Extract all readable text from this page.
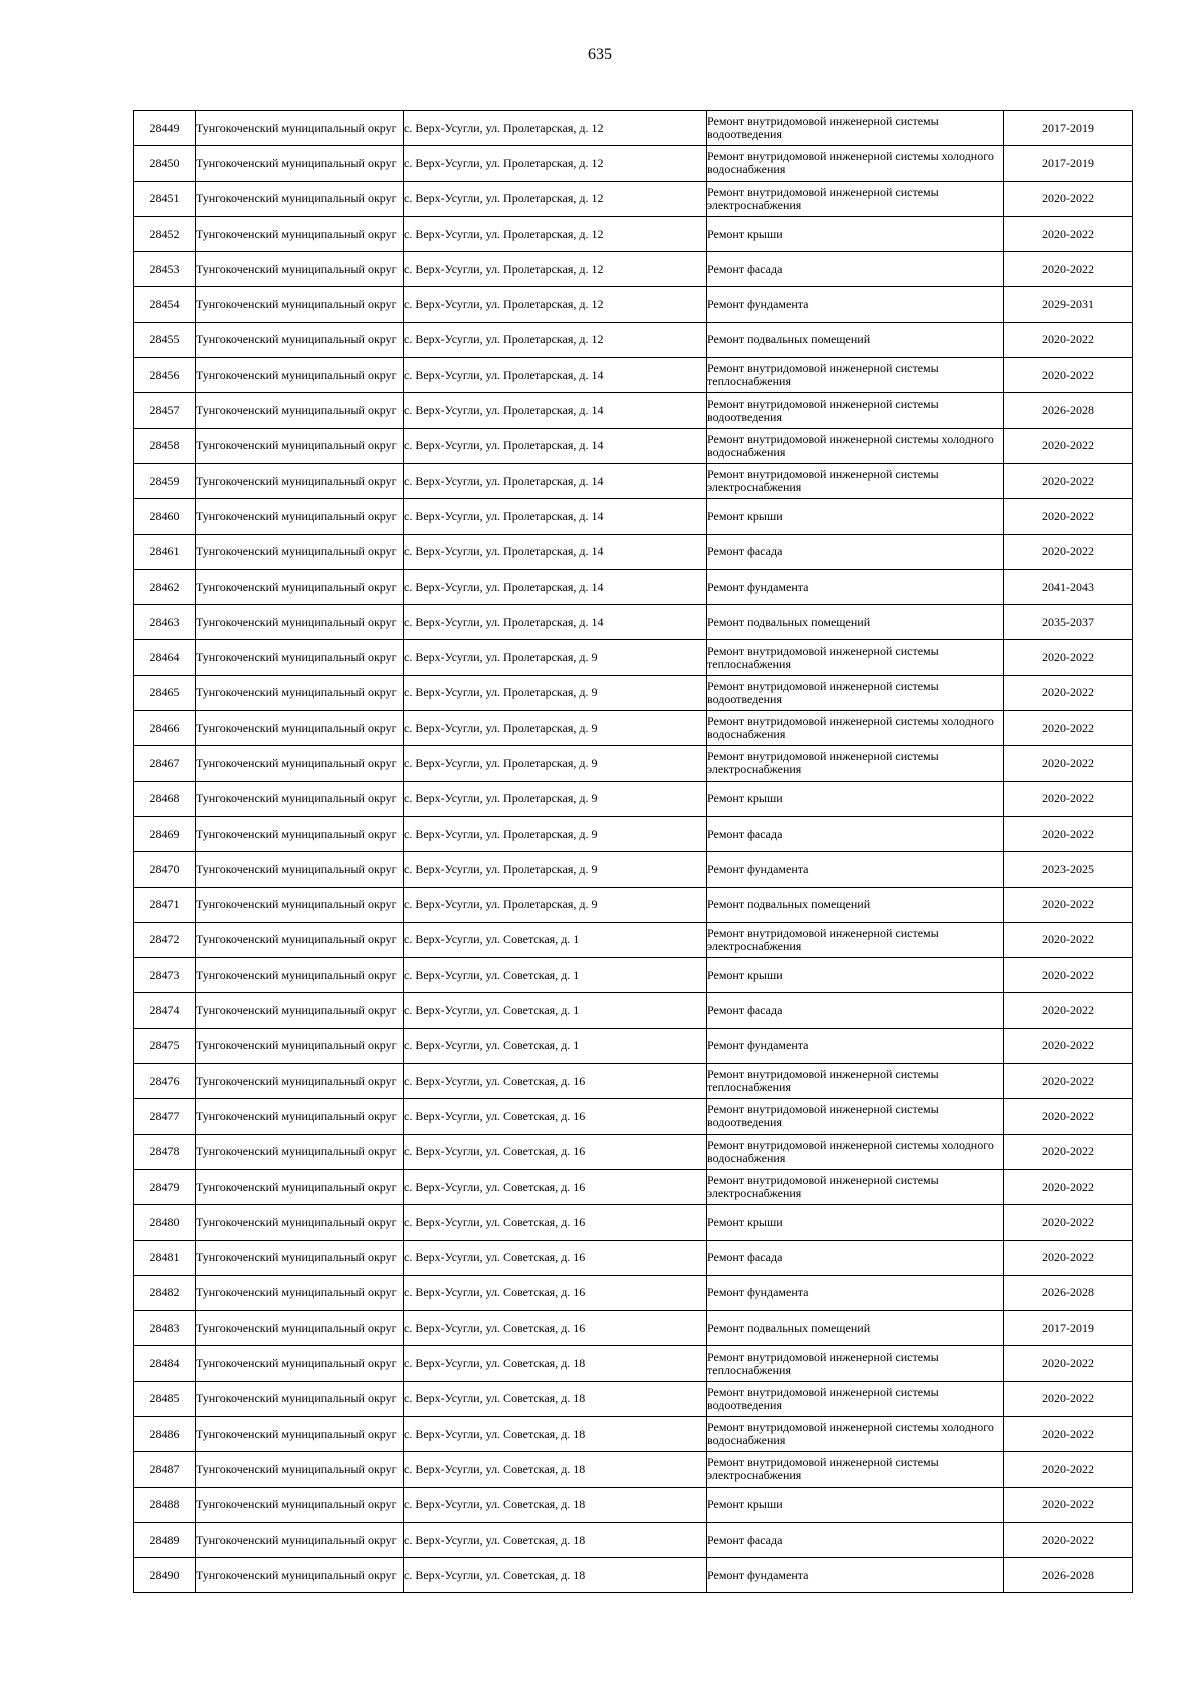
635
28449	Тунгокоченский муниципальный округ	с. Верх-Усугли, ул. Пролетарская, д. 12	Ремонт внутридомовой инженерной системы водоотведения	2017-2019
28450	Тунгокоченский муниципальный округ	с. Верх-Усугли, ул. Пролетарская, д. 12	Ремонт внутридомовой инженерной системы холодного водоснабжения	2017-2019
28451	Тунгокоченский муниципальный округ	с. Верх-Усугли, ул. Пролетарская, д. 12	Ремонт внутридомовой инженерной системы электроснабжения	2020-2022
28452	Тунгокоченский муниципальный округ	с. Верх-Усугли, ул. Пролетарская, д. 12	Ремонт крыши	2020-2022
28453	Тунгокоченский муниципальный округ	с. Верх-Усугли, ул. Пролетарская, д. 12	Ремонт фасада	2020-2022
28454	Тунгокоченский муниципальный округ	с. Верх-Усугли, ул. Пролетарская, д. 12	Ремонт фундамента	2029-2031
28455	Тунгокоченский муниципальный округ	с. Верх-Усугли, ул. Пролетарская, д. 12	Ремонт подвальных помещений	2020-2022
28456	Тунгокоченский муниципальный округ	с. Верх-Усугли, ул. Пролетарская, д. 14	Ремонт внутридомовой инженерной системы теплоснабжения	2020-2022
28457	Тунгокоченский муниципальный округ	с. Верх-Усугли, ул. Пролетарская, д. 14	Ремонт внутридомовой инженерной системы водоотведения	2026-2028
28458	Тунгокоченский муниципальный округ	с. Верх-Усугли, ул. Пролетарская, д. 14	Ремонт внутридомовой инженерной системы холодного водоснабжения	2020-2022
28459	Тунгокоченский муниципальный округ	с. Верх-Усугли, ул. Пролетарская, д. 14	Ремонт внутридомовой инженерной системы электроснабжения	2020-2022
28460	Тунгокоченский муниципальный округ	с. Верх-Усугли, ул. Пролетарская, д. 14	Ремонт крыши	2020-2022
28461	Тунгокоченский муниципальный округ	с. Верх-Усугли, ул. Пролетарская, д. 14	Ремонт фасада	2020-2022
28462	Тунгокоченский муниципальный округ	с. Верх-Усугли, ул. Пролетарская, д. 14	Ремонт фундамента	2041-2043
28463	Тунгокоченский муниципальный округ	с. Верх-Усугли, ул. Пролетарская, д. 14	Ремонт подвальных помещений	2035-2037
28464	Тунгокоченский муниципальный округ	с. Верх-Усугли, ул. Пролетарская, д. 9	Ремонт внутридомовой инженерной системы теплоснабжения	2020-2022
28465	Тунгокоченский муниципальный округ	с. Верх-Усугли, ул. Пролетарская, д. 9	Ремонт внутридомовой инженерной системы водоотведения	2020-2022
28466	Тунгокоченский муниципальный округ	с. Верх-Усугли, ул. Пролетарская, д. 9	Ремонт внутридомовой инженерной системы холодного водоснабжения	2020-2022
28467	Тунгокоченский муниципальный округ	с. Верх-Усугли, ул. Пролетарская, д. 9	Ремонт внутридомовой инженерной системы электроснабжения	2020-2022
28468	Тунгокоченский муниципальный округ	с. Верх-Усугли, ул. Пролетарская, д. 9	Ремонт крыши	2020-2022
28469	Тунгокоченский муниципальный округ	с. Верх-Усугли, ул. Пролетарская, д. 9	Ремонт фасада	2020-2022
28470	Тунгокоченский муниципальный округ	с. Верх-Усугли, ул. Пролетарская, д. 9	Ремонт фундамента	2023-2025
28471	Тунгокоченский муниципальный округ	с. Верх-Усугли, ул. Пролетарская, д. 9	Ремонт подвальных помещений	2020-2022
28472	Тунгокоченский муниципальный округ	с. Верх-Усугли, ул. Советская, д. 1	Ремонт внутридомовой инженерной системы электроснабжения	2020-2022
28473	Тунгокоченский муниципальный округ	с. Верх-Усугли, ул. Советская, д. 1	Ремонт крыши	2020-2022
28474	Тунгокоченский муниципальный округ	с. Верх-Усугли, ул. Советская, д. 1	Ремонт фасада	2020-2022
28475	Тунгокоченский муниципальный округ	с. Верх-Усугли, ул. Советская, д. 1	Ремонт фундамента	2020-2022
28476	Тунгокоченский муниципальный округ	с. Верх-Усугли, ул. Советская, д. 16	Ремонт внутридомовой инженерной системы теплоснабжения	2020-2022
28477	Тунгокоченский муниципальный округ	с. Верх-Усугли, ул. Советская, д. 16	Ремонт внутридомовой инженерной системы водоотведения	2020-2022
28478	Тунгокоченский муниципальный округ	с. Верх-Усугли, ул. Советская, д. 16	Ремонт внутридомовой инженерной системы холодного водоснабжения	2020-2022
28479	Тунгокоченский муниципальный округ	с. Верх-Усугли, ул. Советская, д. 16	Ремонт внутридомовой инженерной системы электроснабжения	2020-2022
28480	Тунгокоченский муниципальный округ	с. Верх-Усугли, ул. Советская, д. 16	Ремонт крыши	2020-2022
28481	Тунгокоченский муниципальный округ	с. Верх-Усугли, ул. Советская, д. 16	Ремонт фасада	2020-2022
28482	Тунгокоченский муниципальный округ	с. Верх-Усугли, ул. Советская, д. 16	Ремонт фундамента	2026-2028
28483	Тунгокоченский муниципальный округ	с. Верх-Усугли, ул. Советская, д. 16	Ремонт подвальных помещений	2017-2019
28484	Тунгокоченский муниципальный округ	с. Верх-Усугли, ул. Советская, д. 18	Ремонт внутридомовой инженерной системы теплоснабжения	2020-2022
28485	Тунгокоченский муниципальный округ	с. Верх-Усугли, ул. Советская, д. 18	Ремонт внутридомовой инженерной системы водоотведения	2020-2022
28486	Тунгокоченский муниципальный округ	с. Верх-Усугли, ул. Советская, д. 18	Ремонт внутридомовой инженерной системы холодного водоснабжения	2020-2022
28487	Тунгокоченский муниципальный округ	с. Верх-Усугли, ул. Советская, д. 18	Ремонт внутридомовой инженерной системы электроснабжения	2020-2022
28488	Тунгокоченский муниципальный округ	с. Верх-Усугли, ул. Советская, д. 18	Ремонт крыши	2020-2022
28489	Тунгокоченский муниципальный округ	с. Верх-Усугли, ул. Советская, д. 18	Ремонт фасада	2020-2022
28490	Тунгокоченский муниципальный округ	с. Верх-Усугли, ул. Советская, д. 18	Ремонт фундамента	2026-2028
